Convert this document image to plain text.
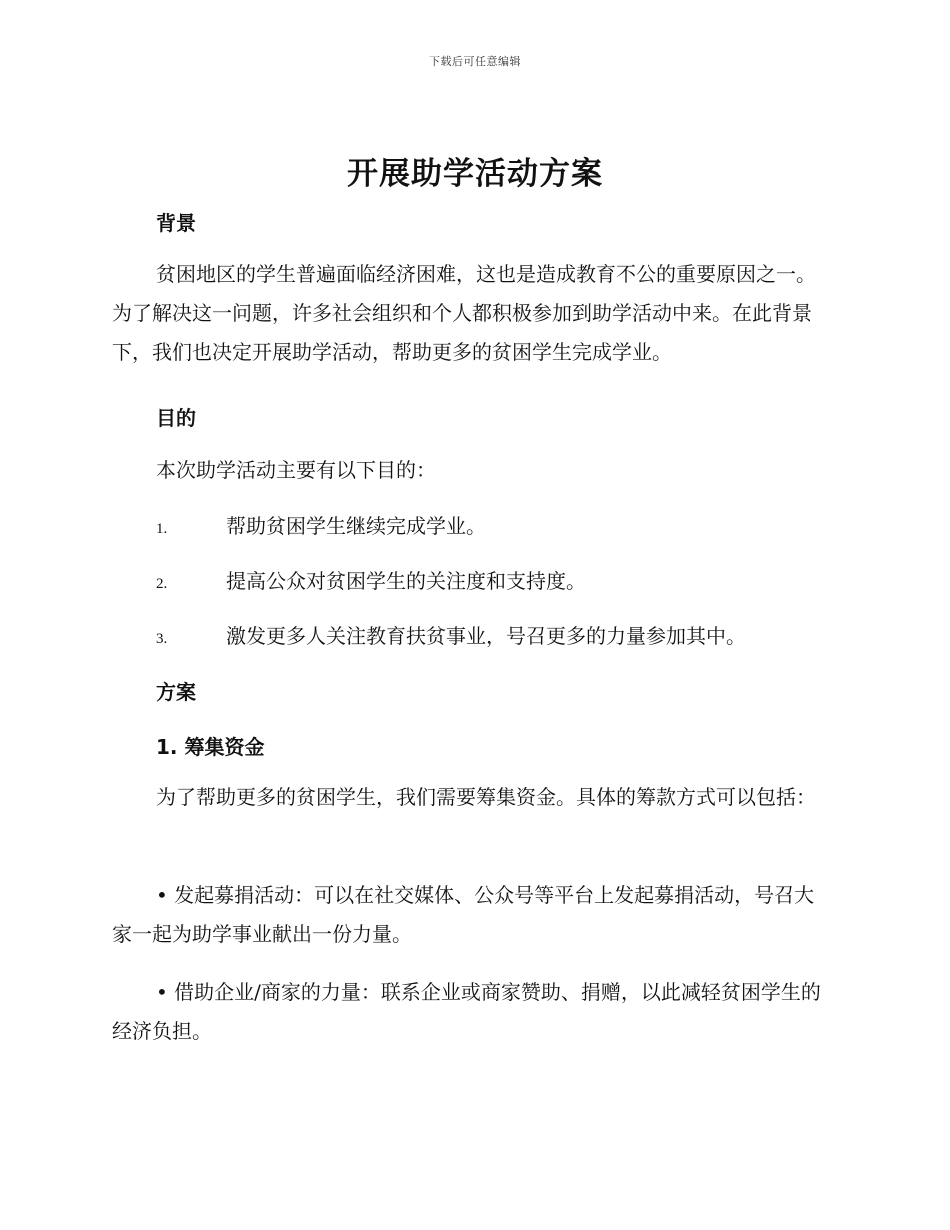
下载后可任意编辑
开展助学活动方案
背景
贫困地区的学生普遍面临经济困难，这也是造成教育不公的重要原因之一。为了解决这一问题，许多社会组织和个人都积极参加到助学活动中来。在此背景下，我们也决定开展助学活动，帮助更多的贫困学生完成学业。
目的
本次助学活动主要有以下目的：
1.	帮助贫困学生继续完成学业。
2.	提高公众对贫困学生的关注度和支持度。
3.	激发更多人关注教育扶贫事业，号召更多的力量参加其中。
方案
1. 筹集资金
为了帮助更多的贫困学生，我们需要筹集资金。具体的筹款方式可以包括：
• 发起募捐活动：可以在社交媒体、公众号等平台上发起募捐活动，号召大家一起为助学事业献出一份力量。
• 借助企业/商家的力量：联系企业或商家赞助、捐赠，以此减轻贫困学生的经济负担。
